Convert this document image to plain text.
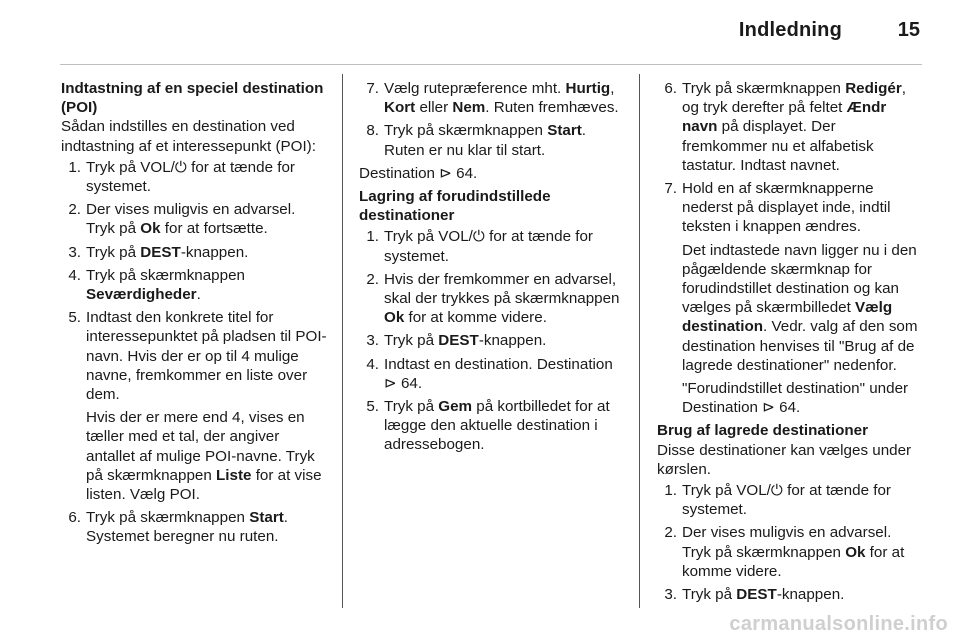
Indledning	15

Indtastning af en speciel destination (POI)

Sådan indstilles en destination ved indtastning af et interessepunkt (POI):

1. Tryk på VOL/⏻ for at tænde for systemet.
2. Der vises muligvis en advarsel. Tryk på Ok for at fortsætte.
3. Tryk på DEST-knappen.
4. Tryk på skærmknappen Seværdigheder.
5. Indtast den konkrete titel for interessepunktet på pladsen til POI-navn. Hvis der er op til 4 mulige navne, fremkommer en liste over dem.
Hvis der er mere end 4, vises en tæller med et tal, der angiver antallet af mulige POI-navne. Tryk på skærmknappen Liste for at vise listen. Vælg POI.
6. Tryk på skærmknappen Start. Systemet beregner nu ruten.
7. Vælg rutepræference mht. Hurtig, Kort eller Nem. Ruten fremhæves.
8. Tryk på skærmknappen Start. Ruten er nu klar til start.

Destination ⊳ 64.

Lagring af forudindstillede destinationer

1. Tryk på VOL/⏻ for at tænde for systemet.
2. Hvis der fremkommer en advarsel, skal der trykkes på skærmknappen Ok for at komme videre.
3. Tryk på DEST-knappen.
4. Indtast en destination. Destination ⊳ 64.
5. Tryk på Gem på kortbilledet for at lægge den aktuelle destination i adressebogen.
6. Tryk på skærmknappen Redigér, og tryk derefter på feltet Ændr navn på displayet. Der fremkommer nu et alfabetisk tastatur. Indtast navnet.
7. Hold en af skærmknapperne nederst på displayet inde, indtil teksten i knappen ændres.
Det indtastede navn ligger nu i den pågældende skærmknap for forudindstillet destination og kan vælges på skærmbilledet Vælg destination. Vedr. valg af den som destination henvises til "Brug af de lagrede destinationer" nedenfor.
"Forudindstillet destination" under Destination ⊳ 64.

Brug af lagrede destinationer

Disse destinationer kan vælges under kørslen.

1. Tryk på VOL/⏻ for at tænde for systemet.
2. Der vises muligvis en advarsel. Tryk på skærmknappen Ok for at komme videre.
3. Tryk på DEST-knappen.
carmanualsonline.info
